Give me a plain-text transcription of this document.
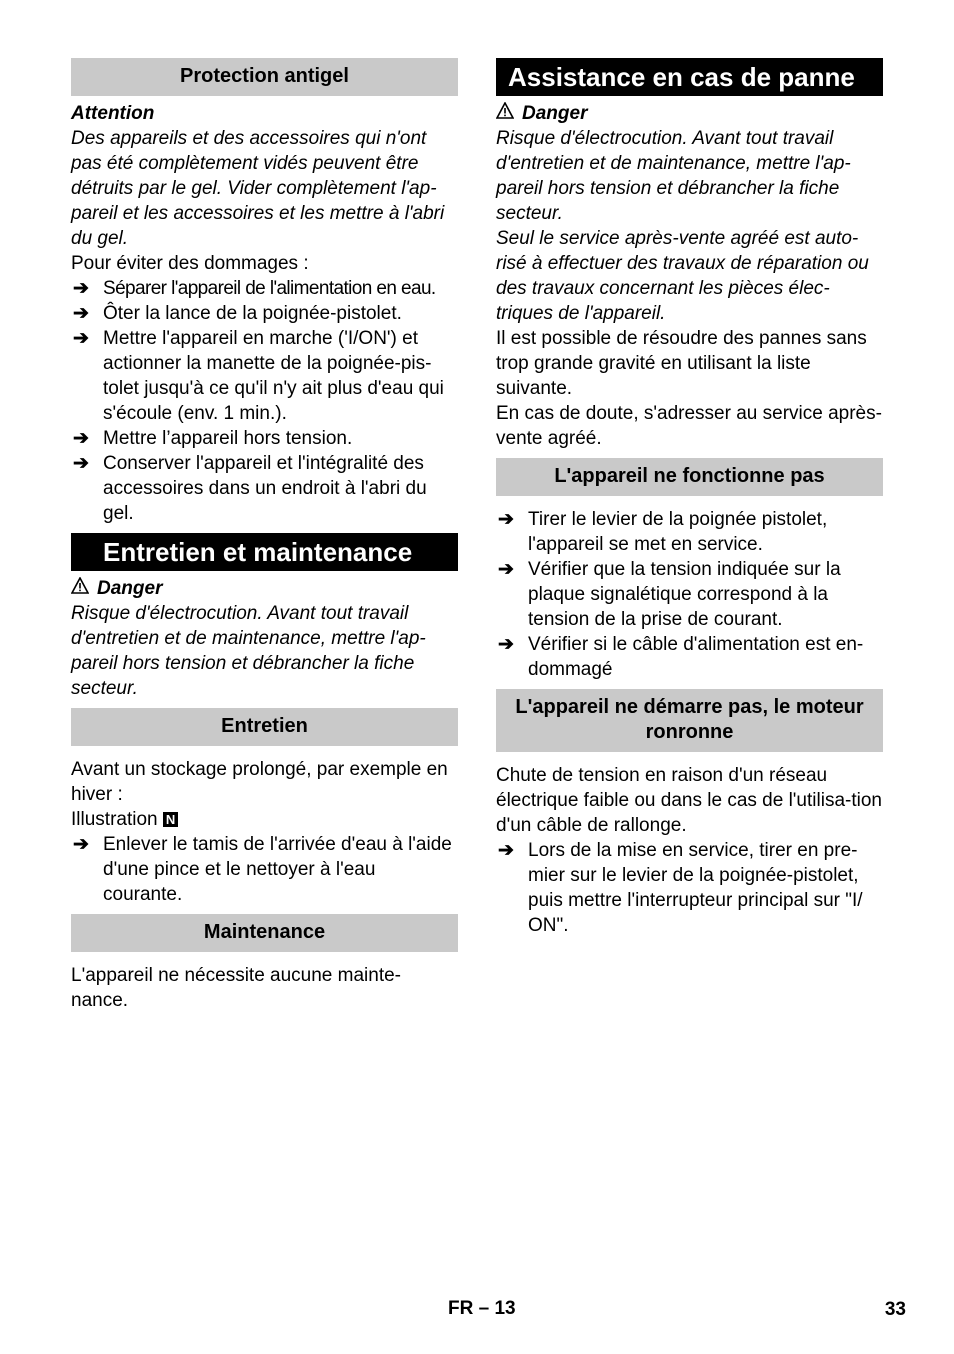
Protection antigel
Attention

Des appareils et des accessoires qui n'ont pas été complètement vidés peuvent être détruits par le gel. Vider complètement l'ap-pareil et les accessoires et les mettre à l'abri du gel.

Pour éviter des dommages :

➔ Séparer l'appareil de l'alimentation en eau.
➔ Ôter la lance de la poignée-pistolet.
➔ Mettre l'appareil en marche ('I/ON') et actionner la manette de la poignée-pis-tolet jusqu'à ce qu'il n'y ait plus d'eau qui s'écoule (env. 1 min.).
➔ Mettre l’appareil hors tension.
➔ Conserver l'appareil et l'intégralité des accessoires dans un endroit à l'abri du gel.
Entretien et maintenance
Danger

Risque d'électrocution. Avant tout travail d'entretien et de maintenance, mettre l'ap-pareil hors tension et débrancher la fiche secteur.

Entretien

Avant un stockage prolongé, par exemple en hiver :

Illustration N

➔ Enlever le tamis de l'arrivée d'eau à l'aide d'une pince et le nettoyer à l'eau courante.
Maintenance

L'appareil ne nécessite aucune mainte-nance.

Assistance en cas de panne
Danger

Risque d'électrocution. Avant tout travail d'entretien et de maintenance, mettre l'ap-pareil hors tension et débrancher la fiche secteur.

Seul le service après-vente agréé est auto-risé à effectuer des travaux de réparation ou des travaux concernant les pièces élec-triques de l'appareil.

Il est possible de résoudre des pannes sans trop grande gravité en utilisant la liste suivante.

En cas de doute, s'adresser au service après-vente agréé.

L'appareil ne fonctionne pas
➔ Tirer le levier de la poignée pistolet, l'appareil se met en service.
➔ Vérifier que la tension indiquée sur la plaque signalétique correspond à la tension de la prise de courant.
➔ Vérifier si le câble d'alimentation est en-dommagé
L'appareil ne démarre pas, le moteur ronronne

Chute de tension en raison d'un réseau électrique faible ou dans le cas de l'utilisa-tion d'un câble de rallonge.

➔ Lors de la mise en service, tirer en pre-mier sur le levier de la poignée-pistolet, puis mettre l'interrupteur principal sur "I/ ON".
FR – 13	33
